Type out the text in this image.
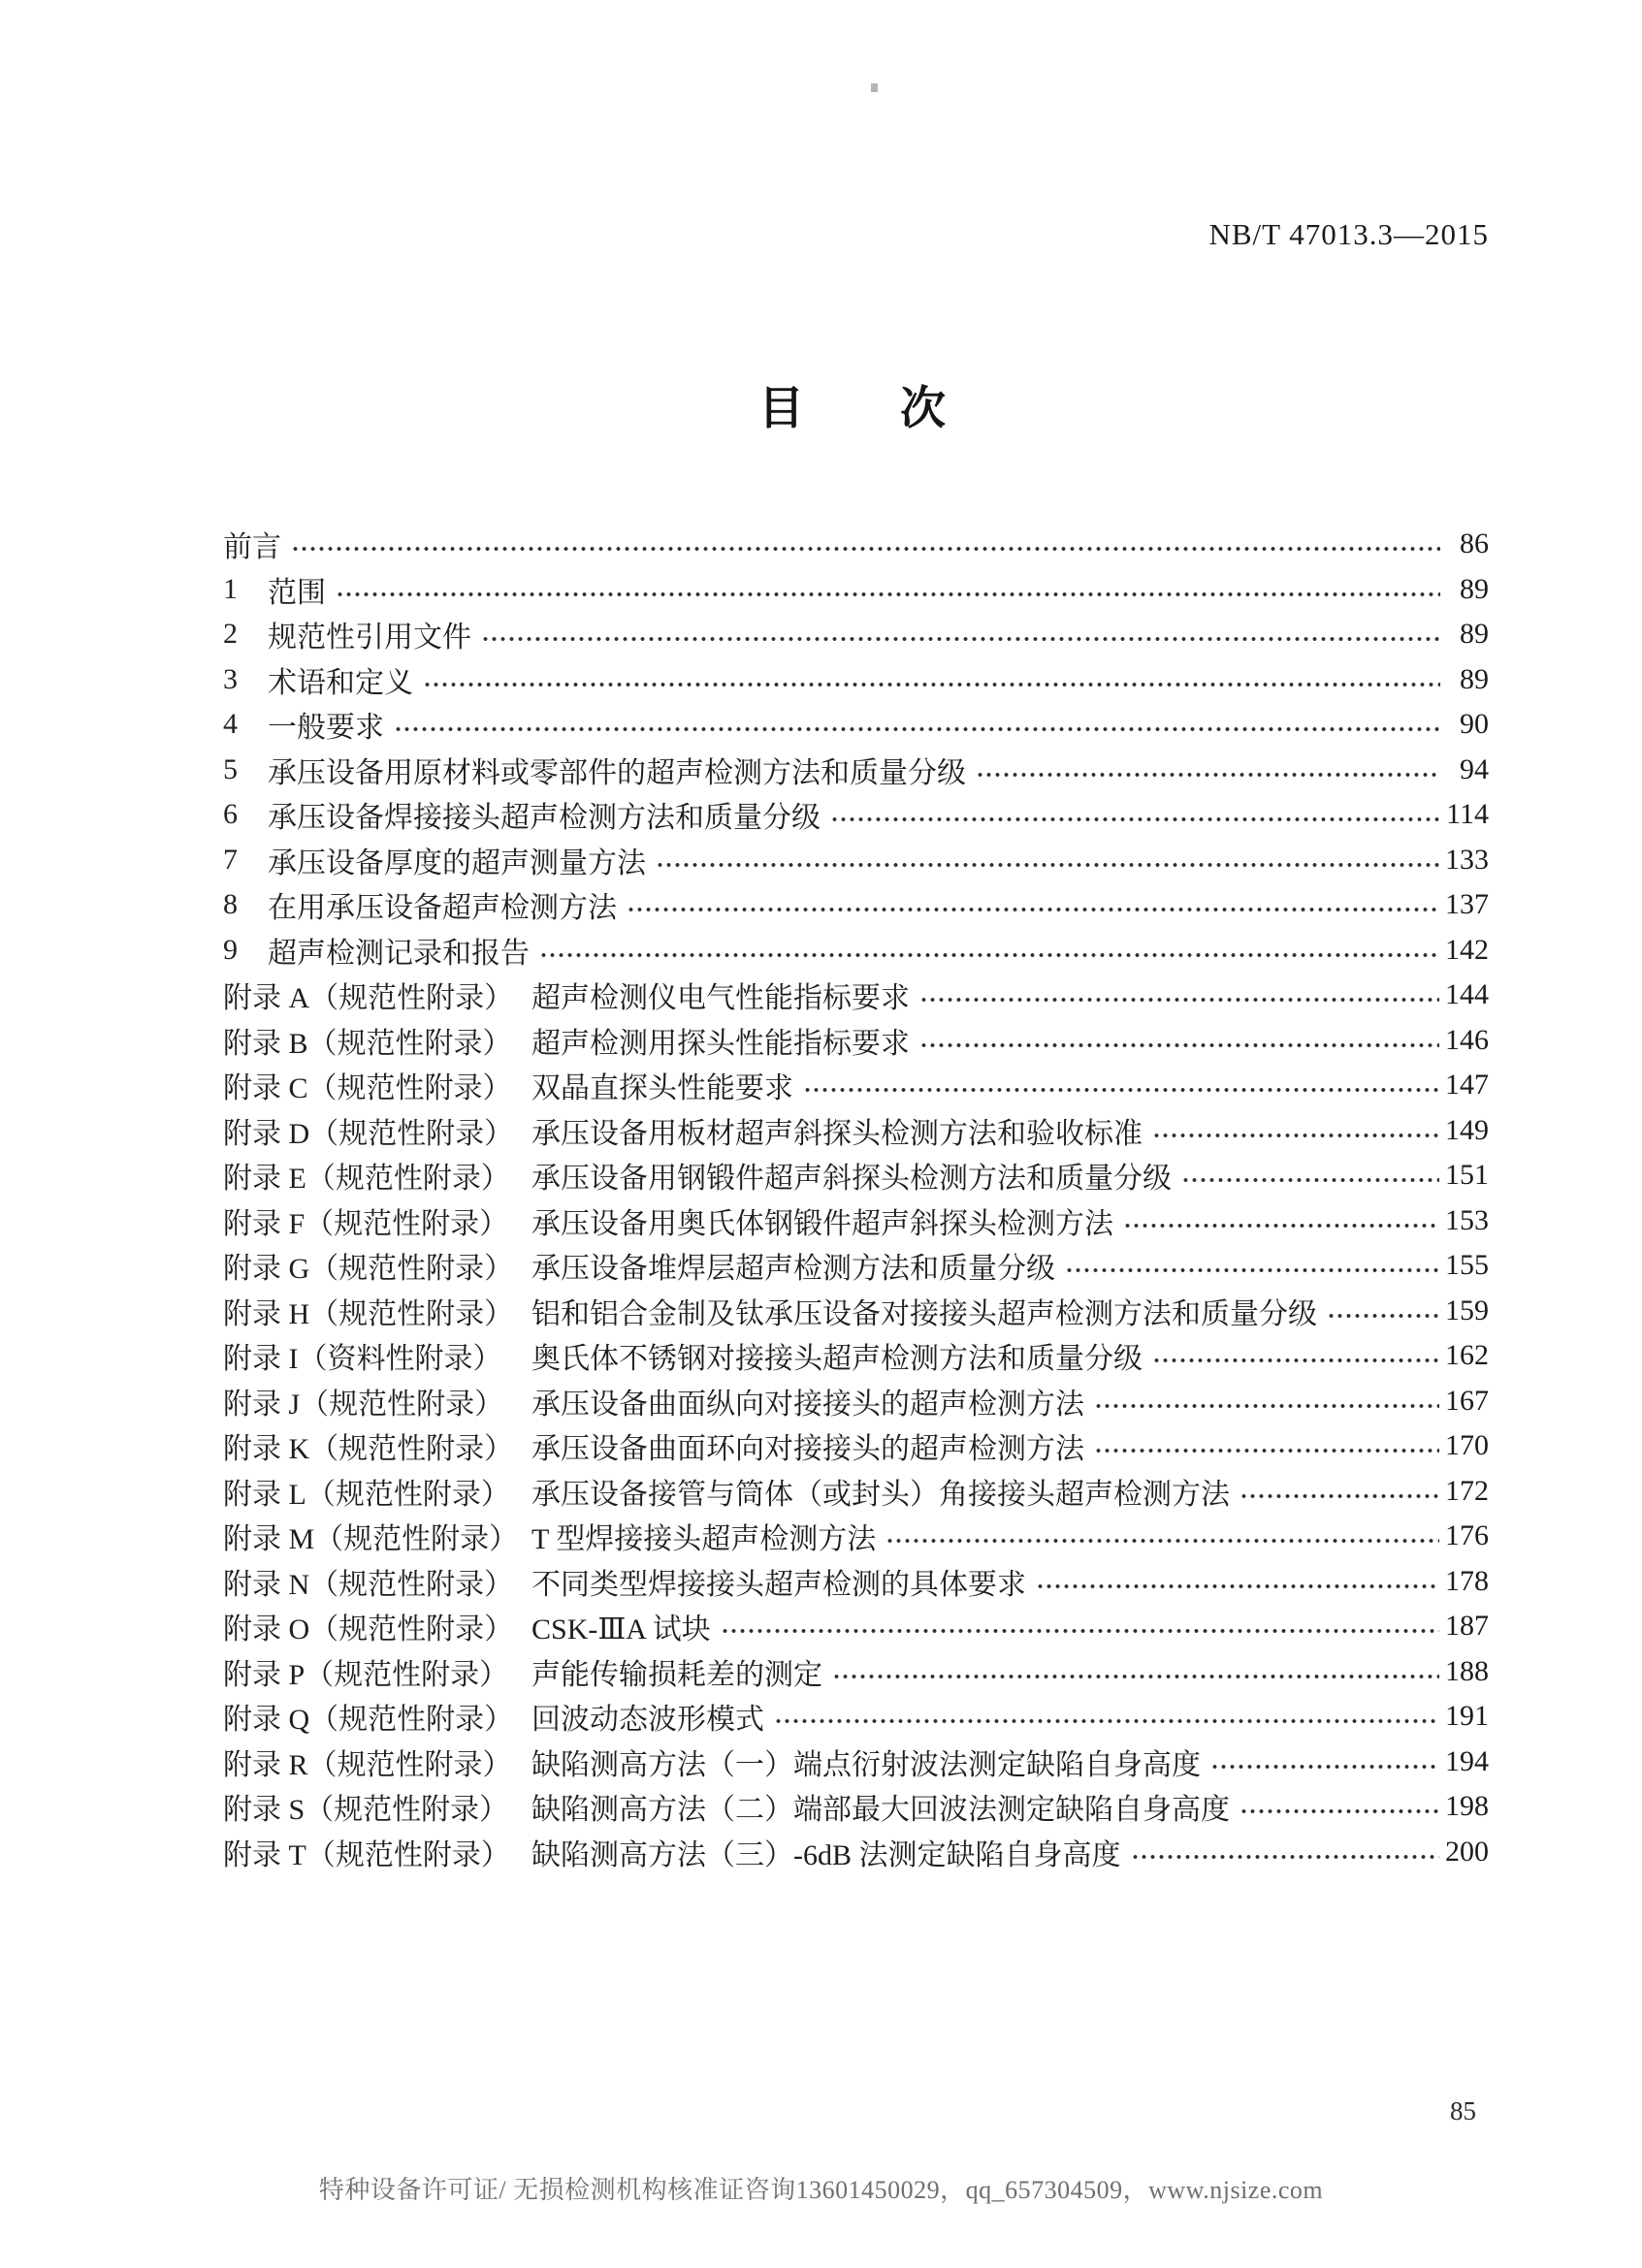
NB/T 47013.3—2015
目　次
前言	86
1	范围	89
2	规范性引用文件	89
3	术语和定义	89
4	一般要求	90
5	承压设备用原材料或零部件的超声检测方法和质量分级	94
6	承压设备焊接接头超声检测方法和质量分级	114
7	承压设备厚度的超声测量方法	133
8	在用承压设备超声检测方法	137
9	超声检测记录和报告	142
附录 A（规范性附录） 超声检测仪电气性能指标要求	144
附录 B（规范性附录） 超声检测用探头性能指标要求	146
附录 C（规范性附录） 双晶直探头性能要求	147
附录 D（规范性附录） 承压设备用板材超声斜探头检测方法和验收标准	149
附录 E（规范性附录） 承压设备用钢锻件超声斜探头检测方法和质量分级	151
附录 F（规范性附录） 承压设备用奥氏体钢锻件超声斜探头检测方法	153
附录 G（规范性附录） 承压设备堆焊层超声检测方法和质量分级	155
附录 H（规范性附录） 铝和铝合金制及钛承压设备对接接头超声检测方法和质量分级	159
附录 I（资料性附录）	奥氏体不锈钢对接接头超声检测方法和质量分级	162
附录 J（规范性附录） 承压设备曲面纵向对接接头的超声检测方法	167
附录 K（规范性附录） 承压设备曲面环向对接接头的超声检测方法	170
附录 L（规范性附录） 承压设备接管与筒体（或封头）角接接头超声检测方法	172
附录 M（规范性附录） T 型焊接接头超声检测方法	176
附录 N（规范性附录） 不同类型焊接接头超声检测的具体要求	178
附录 O（规范性附录） CSK-ⅢA 试块	187
附录 P（规范性附录） 声能传输损耗差的测定	188
附录 Q（规范性附录） 回波动态波形模式	191
附录 R（规范性附录） 缺陷测高方法（一）端点衍射波法测定缺陷自身高度	194
附录 S（规范性附录） 缺陷测高方法（二）端部最大回波法测定缺陷自身高度	198
附录 T（规范性附录） 缺陷测高方法（三）-6dB 法测定缺陷自身高度	200
85
特种设备许可证/ 无损检测机构核准证咨询13601450029，qq_657304509，www.njsize.com
